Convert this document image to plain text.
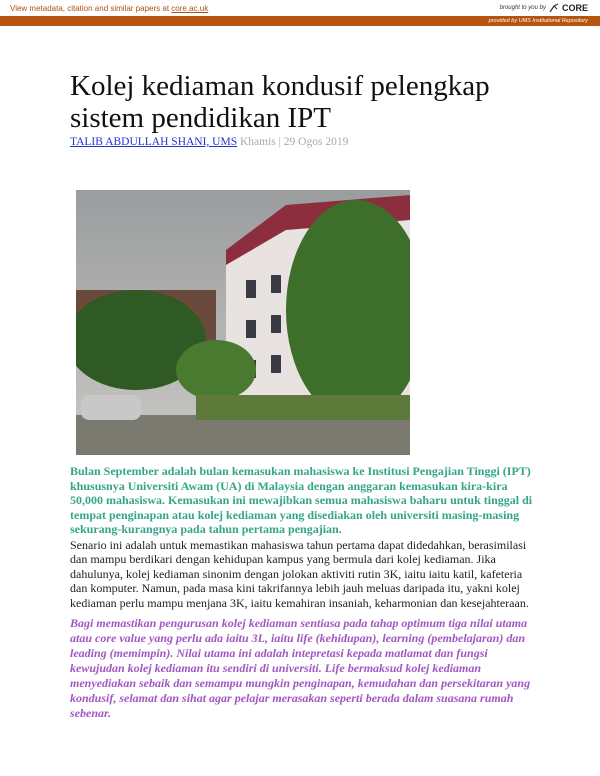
View metadata, citation and similar papers at core.ac.uk	brought to you by CORE
provided by UMS Institutional Repository
Kolej kediaman kondusif pelengkap sistem pendidikan IPT
TALIB ABDULLAH SHANI, UMS Khamis | 29 Ogos 2019
Bulan September adalah bulan kemasukan mahasiswa ke Institusi Pengajian Tinggi (IPT)
khususnya Universiti Awam (UA) di Malaysia dengan anggaran kemasukan kira-kira
50,000 mahasiswa. Kemasukan ini mewajibkan semua mahasiswa baharu untuk tinggal di
tempat penginapan atau kolej kediaman yang disediakan oleh universiti masing-masing
sekurang-kurangnya pada tahun pertama pengajian.
Senario ini adalah untuk memastikan mahasiswa tahun pertama dapat didedahkan, berasimilasi
dan mampu berdikari dengan kehidupan kampus yang bermula dari kolej kediaman. Jika
dahulunya, kolej kediaman sinonim dengan jolokan aktiviti rutin 3K, iaitu iaitu katil, kafeteria
dan komputer. Namun, pada masa kini takrifannya lebih jauh meluas daripada itu, yakni kolej
kediaman perlu mampu menjana 3K, iaitu kemahiran insaniah, keharmonian dan kesejahteraan.
Bagi memastikan pengurusan kolej kediaman sentiasa pada tahap optimum tiga nilai utama
atau core value yang perlu ada iaitu 3L, iaitu life (kehidupan), learning (pembelajaran) dan
leading (memimpin). Nilai utama ini adalah intepretasi kepada matlamat dan fungsi
kewujudan kolej kediaman itu sendiri di universiti. Life bermaksud kolej kediaman
menyediakan sebaik dan semampu mungkin penginapan, kemudahan dan persekitaran yang
kondusif, selamat dan sihat agar pelajar merasakan seperti berada dalam suasana rumah
sebenar.
